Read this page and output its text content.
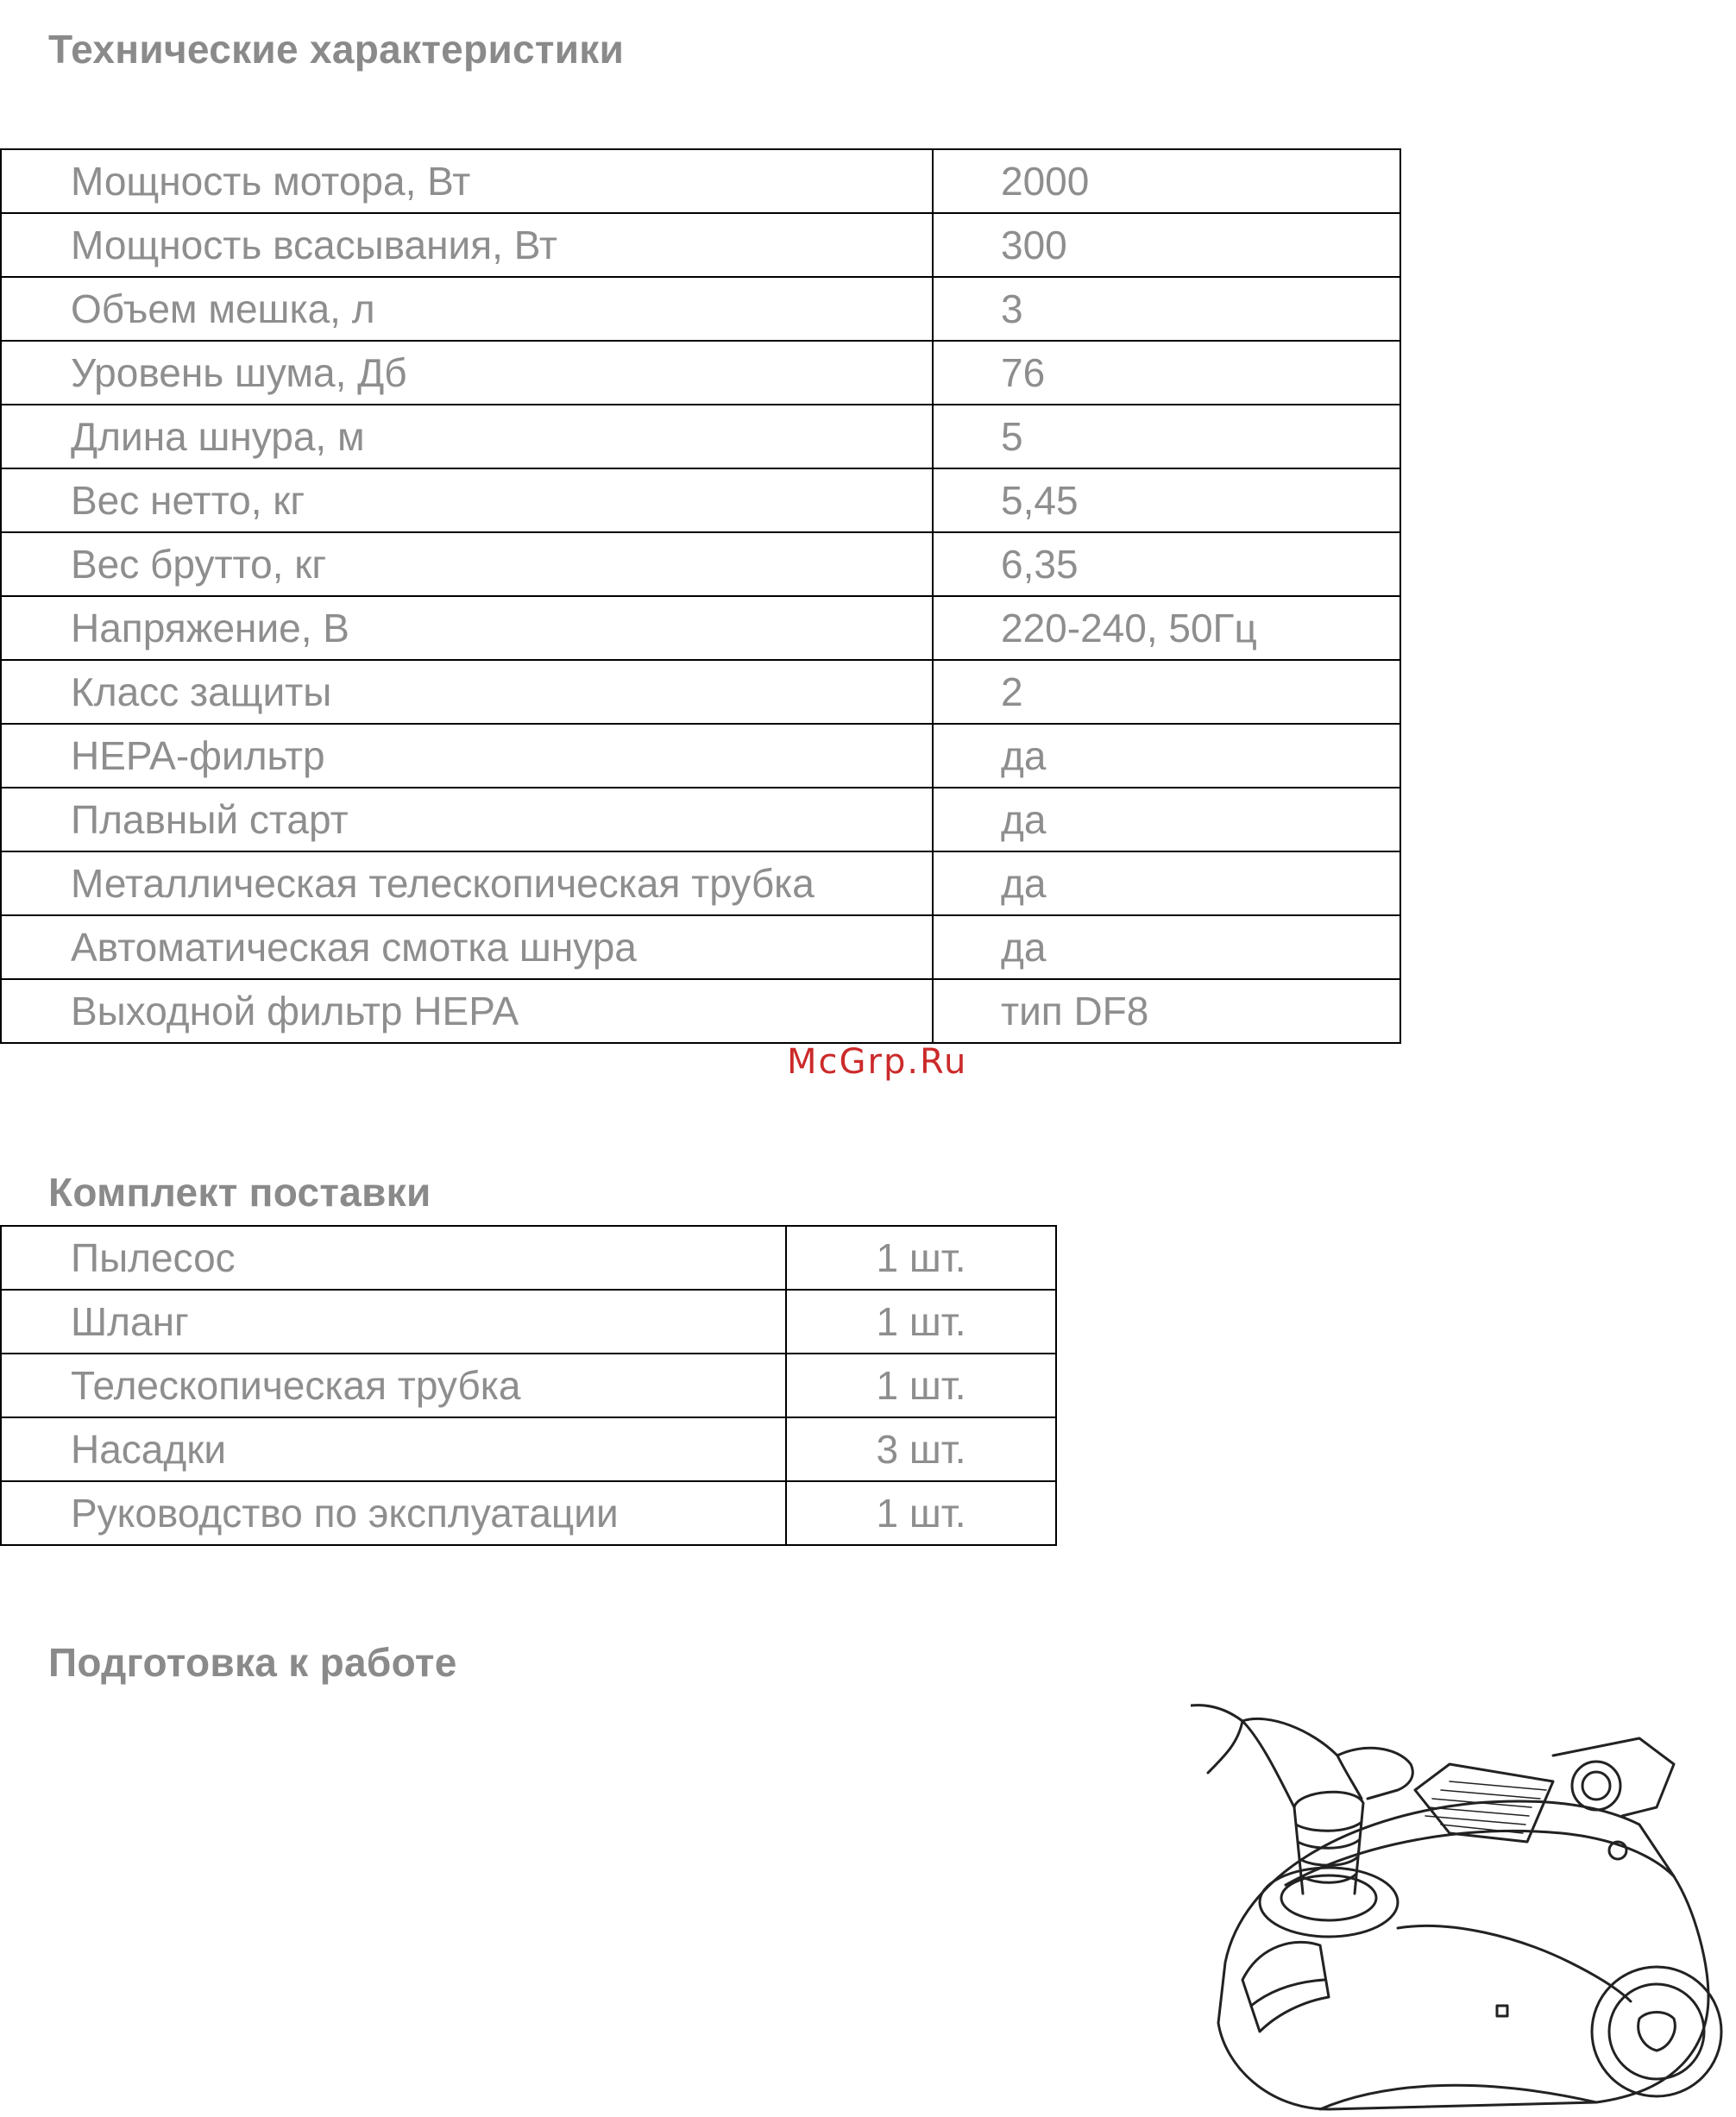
Технические характеристики
Мощность мотора, Вт	2000
Мощность всасывания, Вт	300
Объем мешка, л	3
Уровень шума, Дб	76
Длина шнура, м	5
Вес нетто, кг	5,45
Вес брутто, кг	6,35
Напряжение, В	220-240, 50Гц
Класс защиты	2
HEPA-фильтр	да
Плавный старт	да
Металлическая телескопическая трубка	да
Автоматическая смотка шнура	да
Выходной фильтр HEPA	тип DF8
McGrp.Ru
Комплект поставки
Пылесос	1 шт.
Шланг	1 шт.
Телескопическая трубка	1 шт.
Насадки	3 шт.
Руководство по эксплуатации	1 шт.
Подготовка к работе
